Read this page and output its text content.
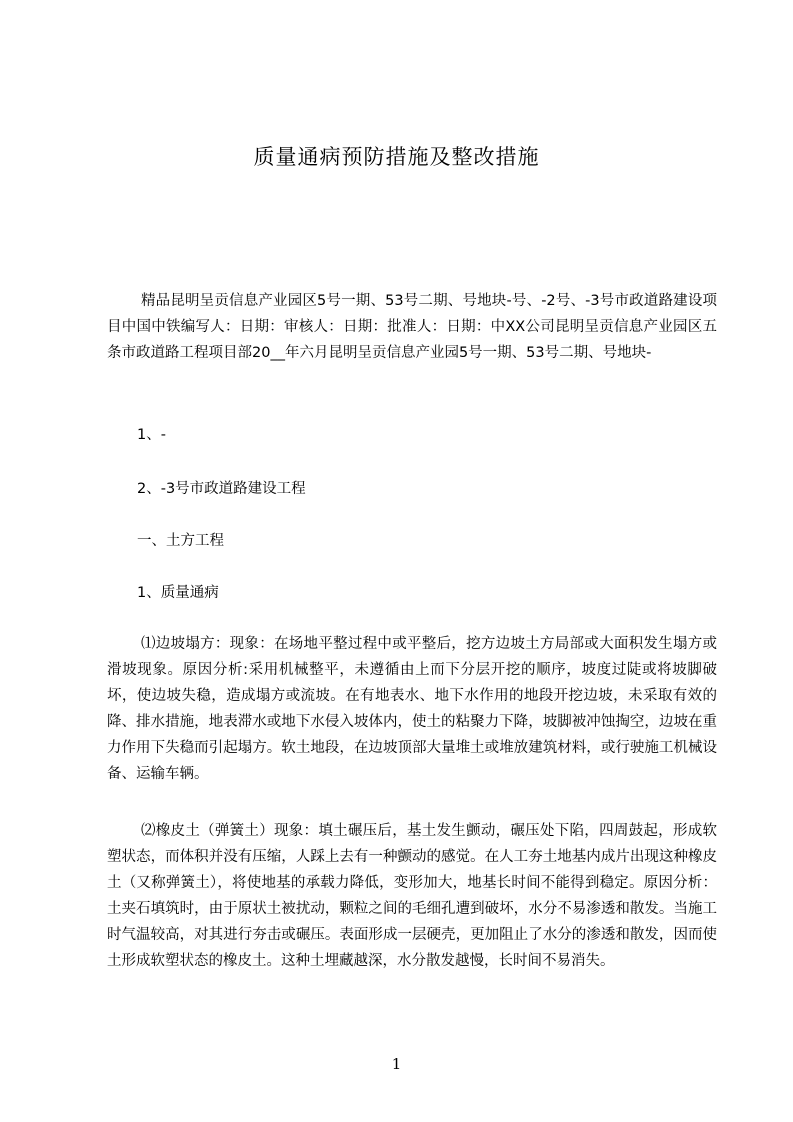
质量通病预防措施及整改措施
精品昆明呈贡信息产业园区5号一期、53号二期、号地块-号、-2号、-3号市政道路建设项目中国中铁编写人：日期：审核人：日期：批准人：日期：中XX公司昆明呈贡信息产业园区五条市政道路工程项目部20__年六月昆明呈贡信息产业园5号一期、53号二期、号地块-
1、-
2、-3号市政道路建设工程
一、土方工程
1、质量通病
⑴边坡塌方：现象：在场地平整过程中或平整后，挖方边坡土方局部或大面积发生塌方或滑坡现象。原因分析:采用机械整平，未遵循由上而下分层开挖的顺序，坡度过陡或将坡脚破坏，使边坡失稳，造成塌方或流坡。在有地表水、地下水作用的地段开挖边坡，未采取有效的降、排水措施，地表滞水或地下水侵入坡体内，使土的粘聚力下降，坡脚被冲蚀掏空，边坡在重力作用下失稳而引起塌方。软土地段，在边坡顶部大量堆土或堆放建筑材料，或行驶施工机械设备、运输车辆。
⑵橡皮土（弹簧土）现象：填土碾压后，基土发生颤动，碾压处下陷，四周鼓起，形成软塑状态，而体积并没有压缩，人踩上去有一种颤动的感觉。在人工夯土地基内成片出现这种橡皮土（又称弹簧土），将使地基的承载力降低，变形加大，地基长时间不能得到稳定。原因分析：土夹石填筑时，由于原状土被扰动，颗粒之间的毛细孔遭到破坏，水分不易渗透和散发。当施工时气温较高，对其进行夯击或碾压。表面形成一层硬壳，更加阻止了水分的渗透和散发，因而使土形成软塑状态的橡皮土。这种土埋藏越深，水分散发越慢，长时间不易消失。
1
